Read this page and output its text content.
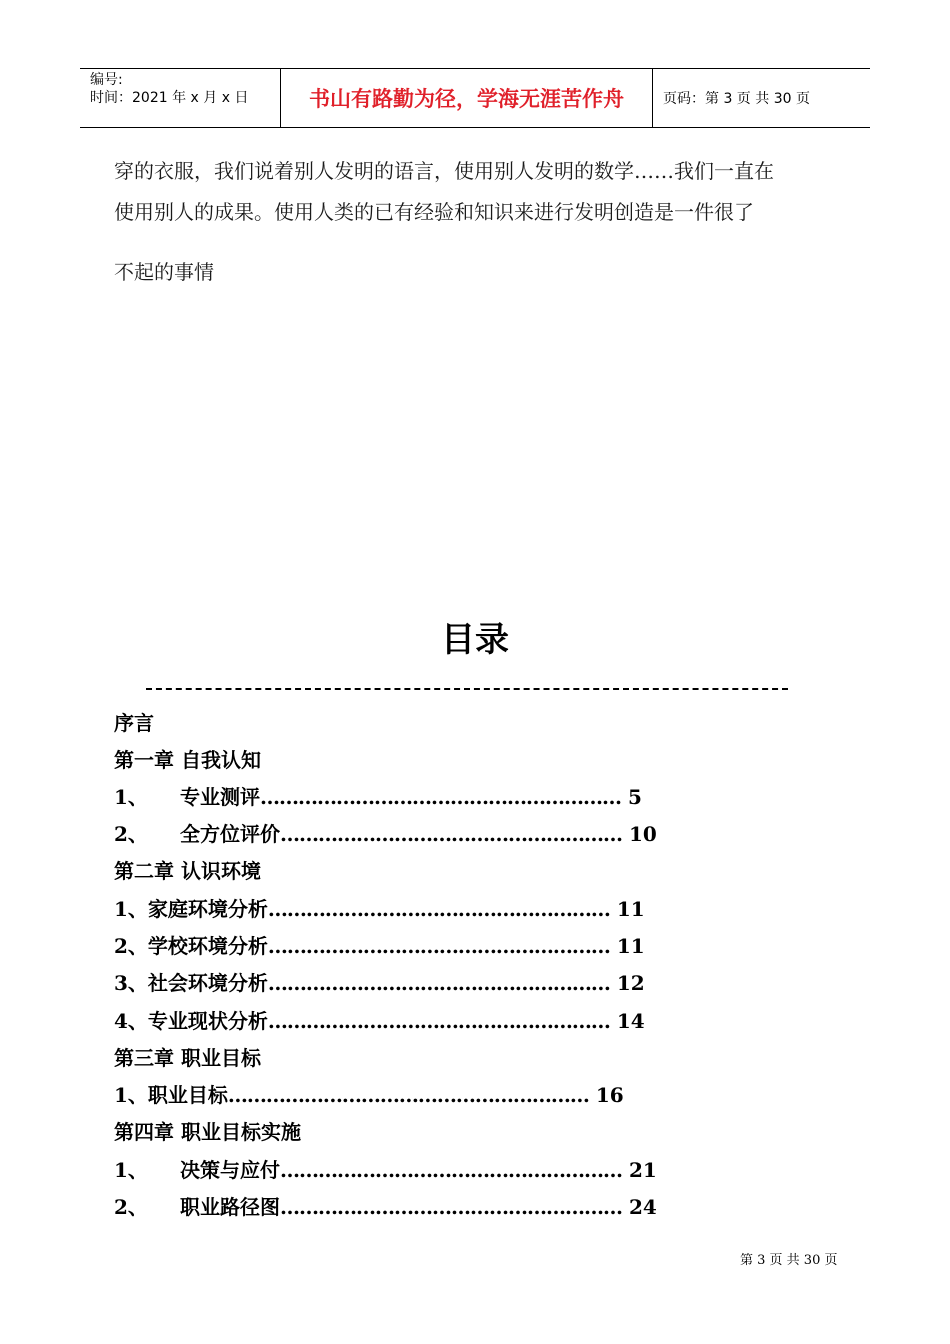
编号:
时间：2021 年 x 月 x 日	书山有路勤为径，学海无涯苦作舟	页码：第 3 页 共 30 页
穿的衣服，我们说着别人发明的语言，使用别人发明的数学……我们一直在
使用别人的成果。使用人类的已有经验和知识来进行发明创造是一件很了
不起的事情
目录
序言
第一章 自我认知
1、 专业测评………………………………………………… 5
2、 全方位评价……………………………………………… 10
第二章 认识环境
1、家庭环境分析……………………………………………… 11
2、学校环境分析……………………………………………… 11
3、社会环境分析……………………………………………… 12
4、专业现状分析……………………………………………… 14
第三章 职业目标
1、职业目标………………………………………………… 16
第四章 职业目标实施
1、 决策与应付……………………………………………… 21
2、 职业路径图……………………………………………… 24
第 3 页 共 30 页
